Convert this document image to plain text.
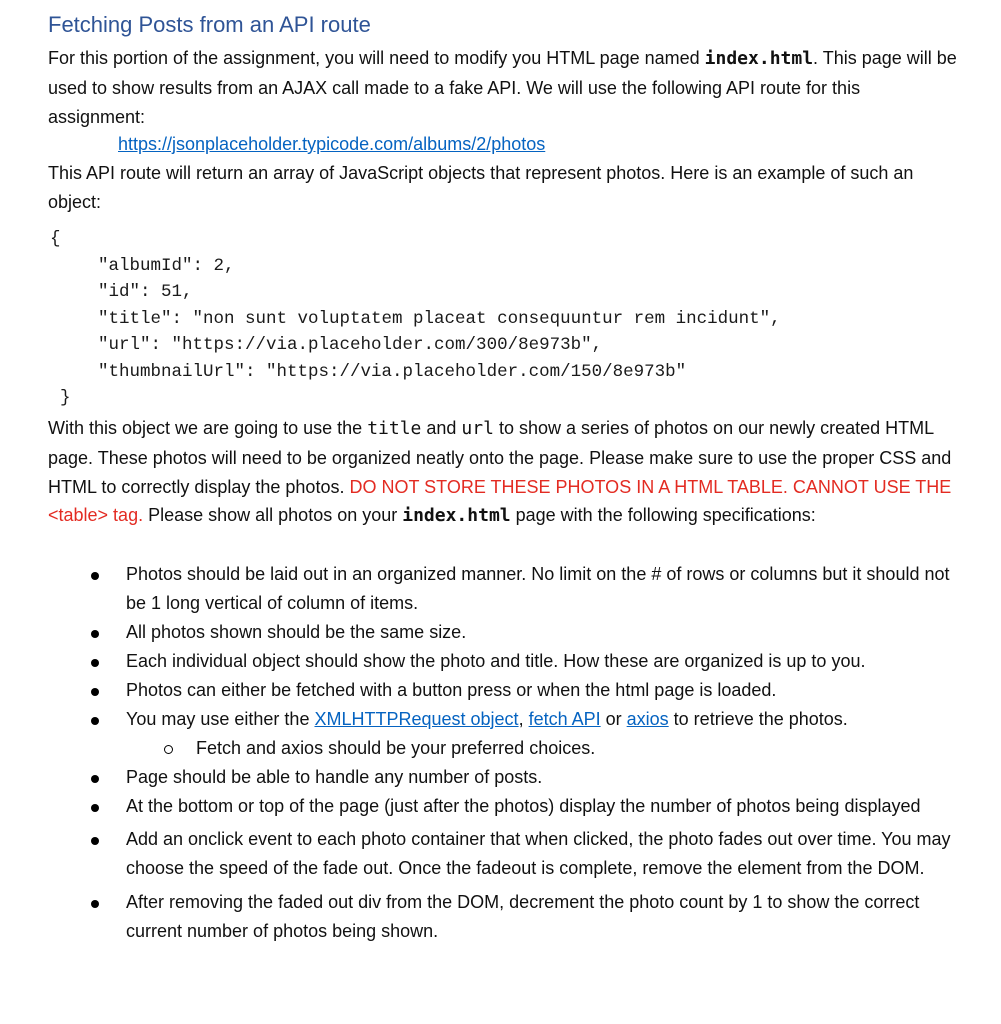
Fetching Posts from an API route
For this portion of the assignment, you will need to modify you HTML page named index.html. This page will be used to show results from an AJAX call made to a fake API. We will use the following API route for this assignment:
https://jsonplaceholder.typicode.com/albums/2/photos
This API route will return an array of JavaScript objects that represent photos. Here is an example of such an object:
{
"albumId": 2,
"id": 51,
"title": "non sunt voluptatem placeat consequuntur rem incidunt",
"url": "https://via.placeholder.com/300/8e973b",
"thumbnailUrl": "https://via.placeholder.com/150/8e973b"
}
With this object we are going to use the title and url to show a series of photos on our newly created HTML page. These photos will need to be organized neatly onto the page. Please make sure to use the proper CSS and HTML to correctly display the photos. DO NOT STORE THESE PHOTOS IN A HTML TABLE. CANNOT USE THE <table> tag. Please show all photos on your index.html page with the following specifications:
Photos should be laid out in an organized manner. No limit on the # of rows or columns but it should not be 1 long vertical of column of items.
All photos shown should be the same size.
Each individual object should show the photo and title. How these are organized is up to you.
Photos can either be fetched with a button press or when the html page is loaded.
You may use either the XMLHTTPRequest object, fetch API or axios to retrieve the photos.
Fetch and axios should be your preferred choices.
Page should be able to handle any number of posts.
At the bottom or top of the page (just after the photos) display the number of photos being displayed
Add an onclick event to each photo container that when clicked, the photo fades out over time. You may choose the speed of the fade out. Once the fadeout is complete, remove the element from the DOM.
After removing the faded out div from the DOM, decrement the photo count by 1 to show the correct current number of photos being shown.
